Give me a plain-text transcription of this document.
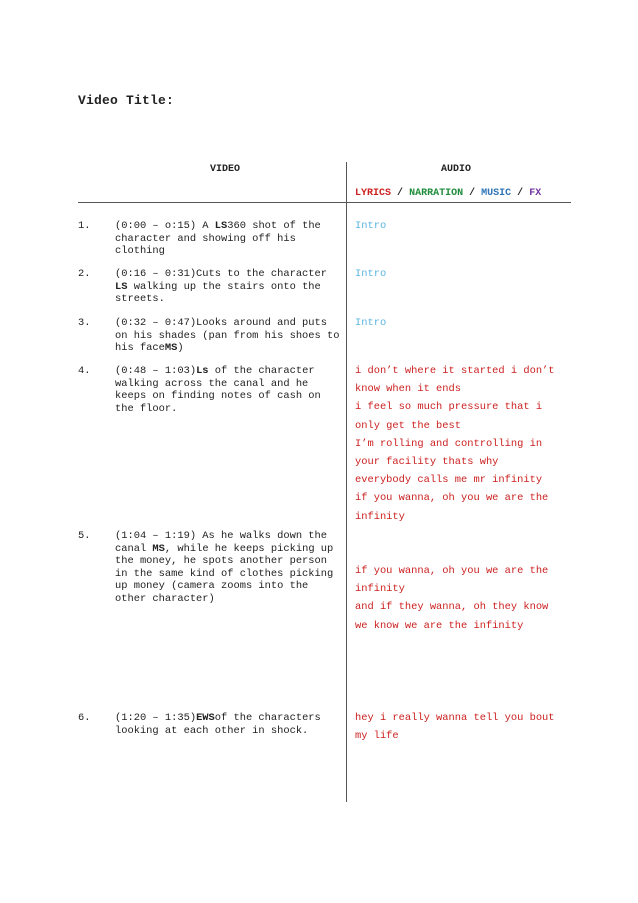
Video Title:
VIDEO	AUDIO
LYRICS / NARRATION / MUSIC / FX
1. (0:00 – o:15) A LS360 shot of the character and showing off his clothing
Intro
2. (0:16 – 0:31)Cuts to the character LS walking up the stairs onto the streets.
Intro
3. (0:32 – 0:47)Looks around and puts on his shades (pan from his shoes to his faceMS)
Intro
4. (0:48 – 1:03)Ls of the character walking across the canal and he keeps on finding notes of cash on the floor.
i don’t where it started i don’t
know when it ends
i feel so much pressure that i
only get the best
I’m rolling and controlling in
your facility thats why
everybody calls me mr infinity
if you wanna, oh you we are the
infinity
5. (1:04 – 1:19) As he walks down the canal MS, while he keeps picking up the money, he spots another person in the same kind of clothes picking up money (camera zooms into the other character)
if you wanna, oh you we are the
infinity
and if they wanna, oh they know
we know we are the infinity
6. (1:20 – 1:35)EWSof the characters looking at each other in shock.
hey i really wanna tell you bout
my life
